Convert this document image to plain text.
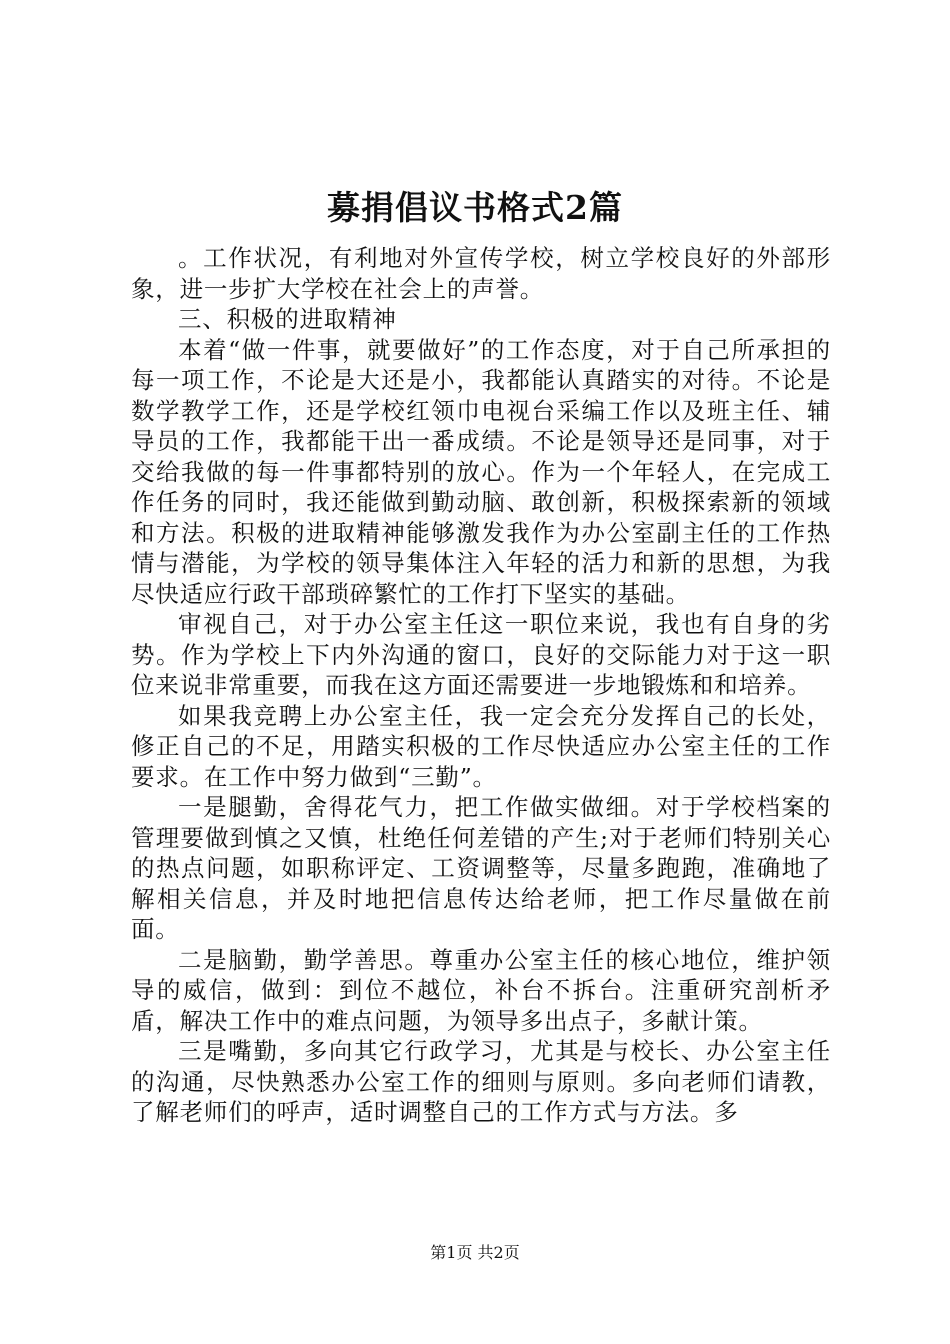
募捐倡议书格式2篇

。工作状况，有利地对外宣传学校，树立学校良好的外部形象，进一步扩大学校在社会上的声誉。

三、积极的进取精神

本着“做一件事，就要做好”的工作态度，对于自己所承担的每一项工作，不论是大还是小，我都能认真踏实的对待。不论是数学教学工作，还是学校红领巾电视台采编工作以及班主任、辅导员的工作，我都能干出一番成绩。不论是领导还是同事，对于交给我做的每一件事都特别的放心。作为一个年轻人，在完成工作任务的同时，我还能做到勤动脑、敢创新，积极探索新的领域和方法。积极的进取精神能够激发我作为办公室副主任的工作热情与潜能，为学校的领导集体注入年轻的活力和新的思想，为我尽快适应行政干部琐碎繁忙的工作打下坚实的基础。

审视自己，对于办公室主任这一职位来说，我也有自身的劣势。作为学校上下内外沟通的窗口，良好的交际能力对于这一职位来说非常重要，而我在这方面还需要进一步地锻炼和和培养。

如果我竞聘上办公室主任，我一定会充分发挥自己的长处，修正自己的不足，用踏实积极的工作尽快适应办公室主任的工作要求。在工作中努力做到“三勤”。

一是腿勤，舍得花气力，把工作做实做细。对于学校档案的管理要做到慎之又慎，杜绝任何差错的产生;对于老师们特别关心的热点问题，如职称评定、工资调整等，尽量多跑跑，准确地了解相关信息，并及时地把信息传达给老师，把工作尽量做在前面。

二是脑勤，勤学善思。尊重办公室主任的核心地位，维护领导的威信，做到：到位不越位，补台不拆台。注重研究剖析矛盾，解决工作中的难点问题，为领导多出点子，多献计策。

三是嘴勤，多向其它行政学习，尤其是与校长、办公室主任的沟通，尽快熟悉办公室工作的细则与原则。多向老师们请教，了解老师们的呼声，适时调整自己的工作方式与方法。多

第1页 共2页
